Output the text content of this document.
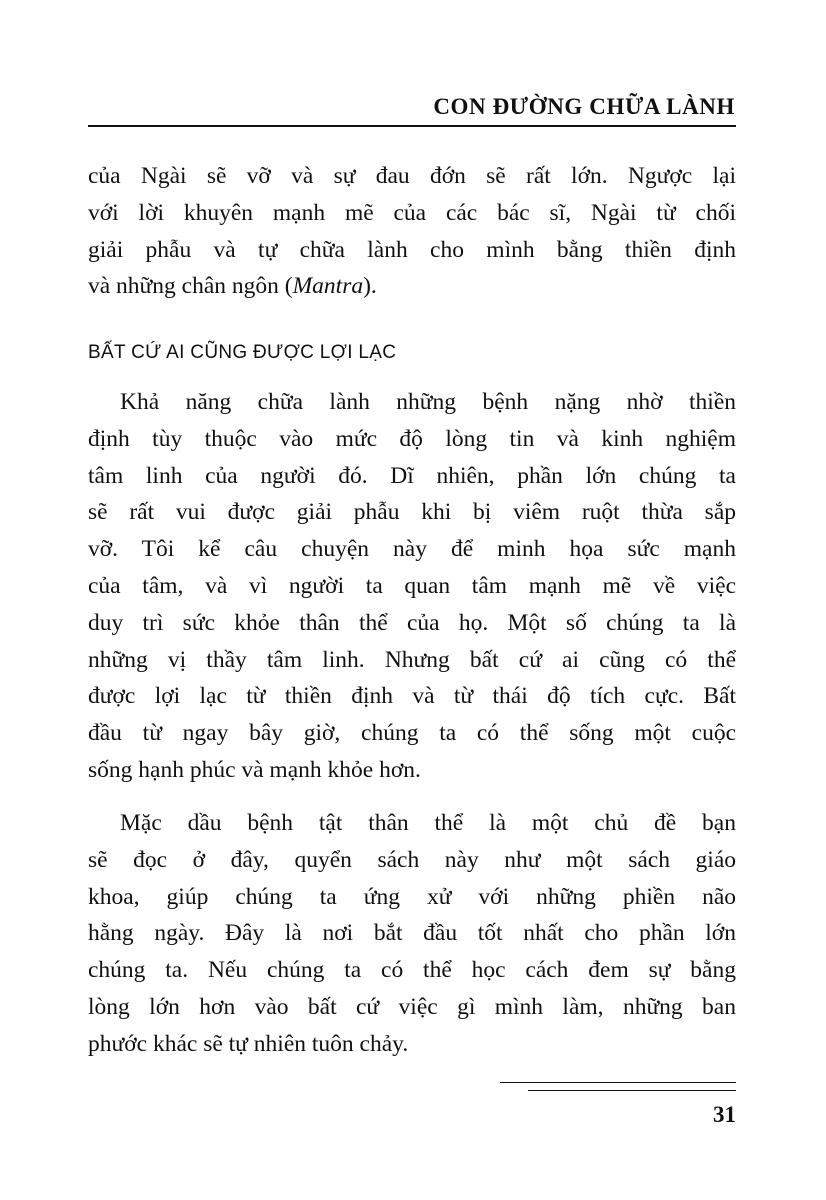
CON ĐƯỜNG CHỮA LÀNH
của Ngài sẽ vỡ và sự đau đớn sẽ rất lớn. Ngược lại
với lời khuyên mạnh mẽ của các bác sĩ, Ngài từ chối
giải phẫu và tự chữa lành cho mình bằng thiền định
và những chân ngôn (Mantra).
BẤT CỨ AI CŨNG ĐƯỢC LỢI LẠC
Khả năng chữa lành những bệnh nặng nhờ thiền
định tùy thuộc vào mức độ lòng tin và kinh nghiệm
tâm linh của người đó. Dĩ nhiên, phần lớn chúng ta
sẽ rất vui được giải phẫu khi bị viêm ruột thừa sắp
vỡ. Tôi kể câu chuyện này để minh họa sức mạnh
của tâm, và vì người ta quan tâm mạnh mẽ về việc
duy trì sức khỏe thân thể của họ. Một số chúng ta là
những vị thầy tâm linh. Nhưng bất cứ ai cũng có thể
được lợi lạc từ thiền định và từ thái độ tích cực. Bất
đầu từ ngay bây giờ, chúng ta có thể sống một cuộc
sống hạnh phúc và mạnh khỏe hơn.
Mặc dầu bệnh tật thân thể là một chủ đề bạn
sẽ đọc ở đây, quyển sách này như một sách giáo
khoa, giúp chúng ta ứng xử với những phiền não
hằng ngày. Đây là nơi bắt đầu tốt nhất cho phần lớn
chúng ta. Nếu chúng ta có thể học cách đem sự bằng
lòng lớn hơn vào bất cứ việc gì mình làm, những ban
phước khác sẽ tự nhiên tuôn chảy.
31
